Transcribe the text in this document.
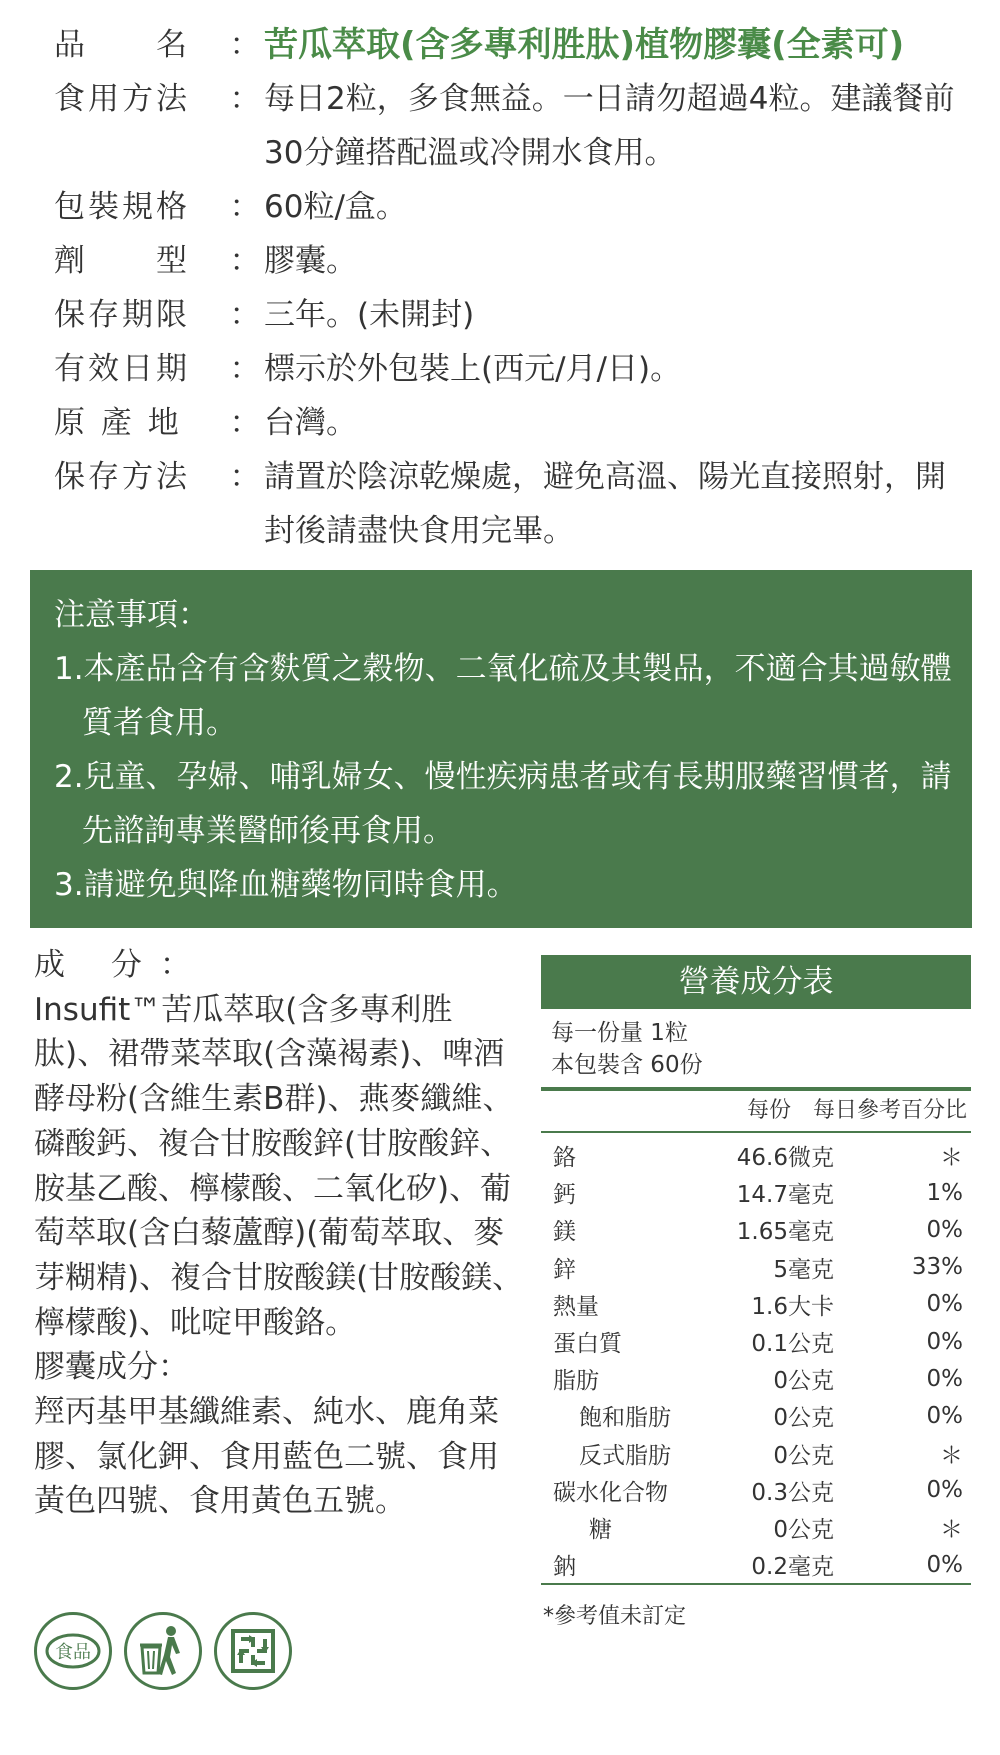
品　　名	： 苦瓜萃取(含多專利胜肽)植物膠囊(全素可)
食用方法	： 每日2粒，多食無益。一日請勿超過4粒。建議餐前30分鐘搭配溫或冷開水食用。
包裝規格	： 60粒/盒。
劑　　型	： 膠囊。
保存期限	： 三年。(未開封)
有效日期	： 標示於外包裝上(西元/月/日)。
原 產 地	： 台灣。
保存方法	： 請置於陰涼乾燥處，避免高溫、陽光直接照射，開封後請盡快食用完畢。
注意事項：
1.本產品含有含麩質之穀物、二氧化硫及其製品，不適合其過敏體質者食用。
2.兒童、孕婦、哺乳婦女、慢性疾病患者或有長期服藥習慣者，請先諮詢專業醫師後再食用。
3.請避免與降血糖藥物同時食用。
成 分：
Insufit™苦瓜萃取(含多專利胜肽)、裙帶菜萃取(含藻褐素)、啤酒酵母粉(含維生素B群)、燕麥纖維、磷酸鈣、複合甘胺酸鋅(甘胺酸鋅、胺基乙酸、檸檬酸、二氧化矽)、葡萄萃取(含白藜蘆醇)(葡萄萃取、麥芽糊精)、複合甘胺酸鎂(甘胺酸鎂、檸檬酸)、吡啶甲酸鉻。
膠囊成分：
羥丙基甲基纖維素、純水、鹿角菜膠、氯化鉀、食用藍色二號、食用黃色四號、食用黃色五號。
營養成分表
每一份量 1粒
本包裝含 60份
每份 每日參考百分比
鉻	46.6微克	＊
鈣	14.7毫克	1%
鎂	1.65毫克	0%
鋅	5毫克	33%
熱量	1.6大卡	0%
蛋白質	0.1公克	0%
脂肪	0公克	0%
飽和脂肪	0公克	0%
反式脂肪	0公克	＊
碳水化合物	0.3公克	0%
糖	0公克	＊
鈉	0.2毫克	0%
*參考值未訂定
食品
